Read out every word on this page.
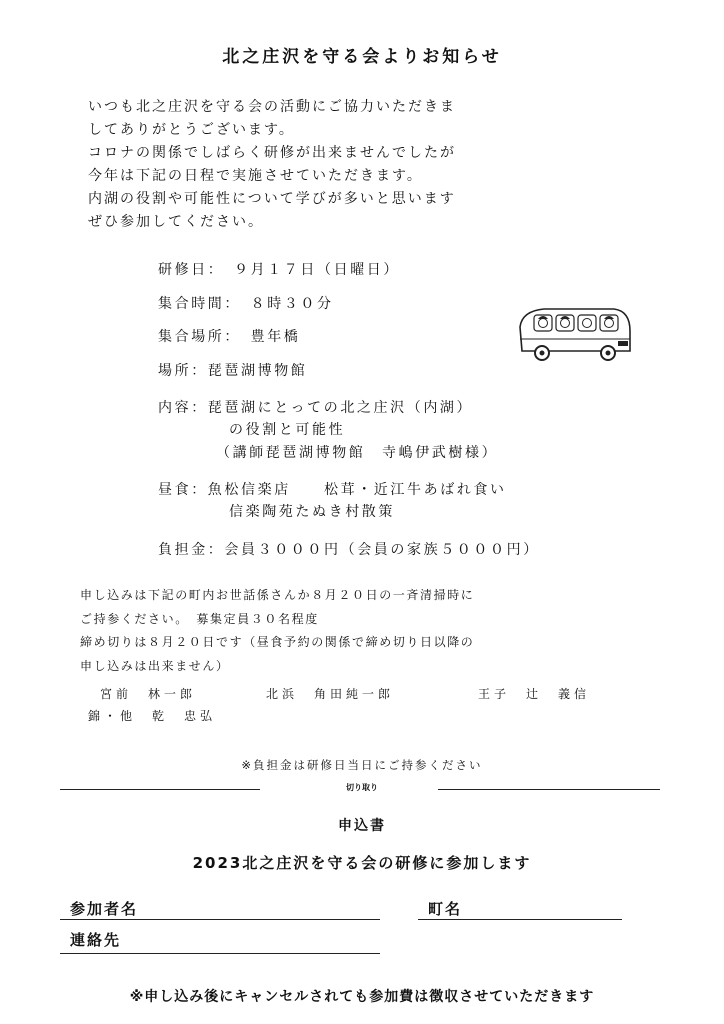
北之庄沢を守る会よりお知らせ
いつも北之庄沢を守る会の活動にご協力いただきま
してありがとうございます。
コロナの関係でしばらく研修が出来ませんでしたが
今年は下記の日程で実施させていただきます。
内湖の役割や可能性について学びが多いと思います
ぜひ参加してください。
研修日：　９月１７日（日曜日）
集合時間：　８時３０分
集合場所：　豊年橋
場所：琵琶湖博物館
内容：琵琶湖にとっての北之庄沢（内湖）
の役割と可能性
（講師琵琶湖博物館　寺嶋伊武樹様）
昼食：魚松信楽店　　松茸・近江牛あばれ食い
信楽陶苑たぬき村散策
負担金：会員３０００円（会員の家族５０００円）
申し込みは下記の町内お世話係さんか８月２０日の一斉清掃時に
ご持参ください。　募集定員３０名程度
締め切りは８月２０日です（昼食予約の関係で締め切り日以降の
申し込みは出来ません）
宮前　林一郎	北浜　角田純一郎	王子　辻　義信
錦・他　乾　忠弘
※負担金は研修日当日にご持参ください
切り取り
申込書
2023北之庄沢を守る会の研修に参加します
参加者名	町名
連絡先
※申し込み後にキャンセルされても参加費は徴収させていただきます
